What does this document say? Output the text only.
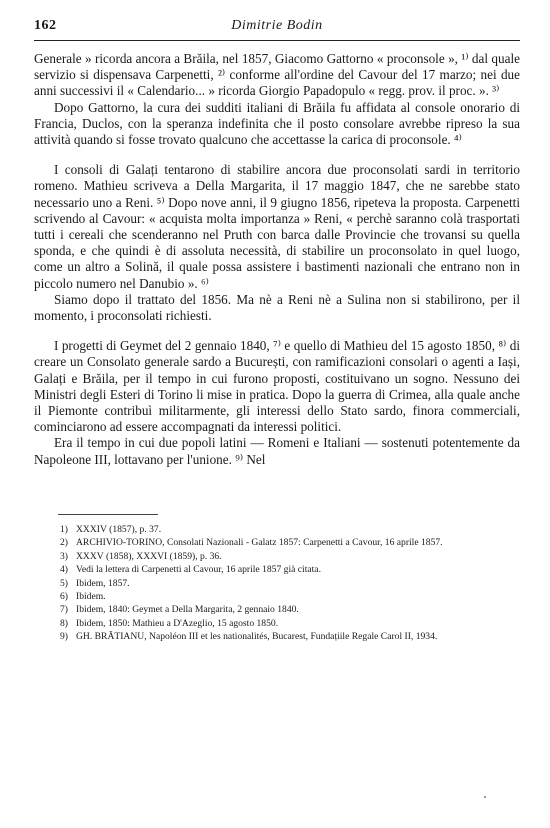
162	Dimitrie Bodin

Generale » ricorda ancora a Brăila, nel 1857, Giacomo Gattorno « proconsole », ¹⁾ dal quale servizio si dispensava Carpenetti, ²⁾ conforme all'ordine del Cavour del 17 marzo; nei due anni successivi il « Calendario... » ricorda Giorgio Papadopulo « regg. prov. il proc. ». ³⁾

Dopo Gattorno, la cura dei sudditi italiani di Brăila fu affidata al console onorario di Francia, Duclos, con la speranza indefinita che il posto consolare avrebbe ripreso la sua attività quando si fosse trovato qualcuno che accettasse la carica di proconsole. ⁴⁾

I consoli di Galați tentarono di stabilire ancora due proconsolati sardi in territorio romeno. Mathieu scriveva a Della Margarita, il 17 maggio 1847, che ne sarebbe stato necessario uno a Reni. ⁵⁾ Dopo nove anni, il 9 giugno 1856, ripeteva la proposta. Carpenetti scrivendo al Cavour: « acquista molta importanza » Reni, « perchè saranno colà trasportati tutti i cereali che scenderanno nel Pruth con barca dalle Provincie che trovansi su quella sponda, e che quindi è di assoluta necessità, di stabilire un proconsolato in quel luogo, come un altro a Solină, il quale possa assistere i bastimenti nazionali che entrano non in piccolo numero nel Danubio ». ⁶⁾

Siamo dopo il trattato del 1856. Ma nè a Reni nè a Sulina non si stabilirono, per il momento, i proconsolati richiesti.

I progetti di Geymet del 2 gennaio 1840, ⁷⁾ e quello di Mathieu del 15 agosto 1850, ⁸⁾ di creare un Consolato generale sardo a București, con ramificazioni consolari o agenti a Iași, Galați e Brăila, per il tempo in cui furono proposti, costituivano un sogno. Nessuno dei Ministri degli Esteri di Torino li mise in pratica. Dopo la guerra di Crimea, alla quale anche il Piemonte contribuì militarmente, gli interessi dello Stato sardo, finora commerciali, cominciarono ad essere accompagnati da interessi politici.

Era il tempo in cui due popoli latini — Romeni e Italiani — sostenuti potentemente da Napoleone III, lottavano per l'unione. ⁹⁾ Nel

1) XXXIV (1857), p. 37.
2) ARCHIVIO-TORINO, Consolati Nazionali - Galatz 1857: Carpenetti a Cavour, 16 aprile 1857.
3) XXXV (1858), XXXVI (1859), p. 36.
4) Vedi la lettera di Carpenetti al Cavour, 16 aprile 1857 già citata.
5) Ibidem, 1857.
6) Ibidem.
7) Ibidem, 1840: Geymet a Della Margarita, 2 gennaio 1840.
8) Ibidem, 1850: Mathieu a D'Azeglio, 15 agosto 1850.
9) GH. BRĂTIANU, Napoléon III et les nationalités, Bucarest, Fundațiile Regale Carol II, 1934.
